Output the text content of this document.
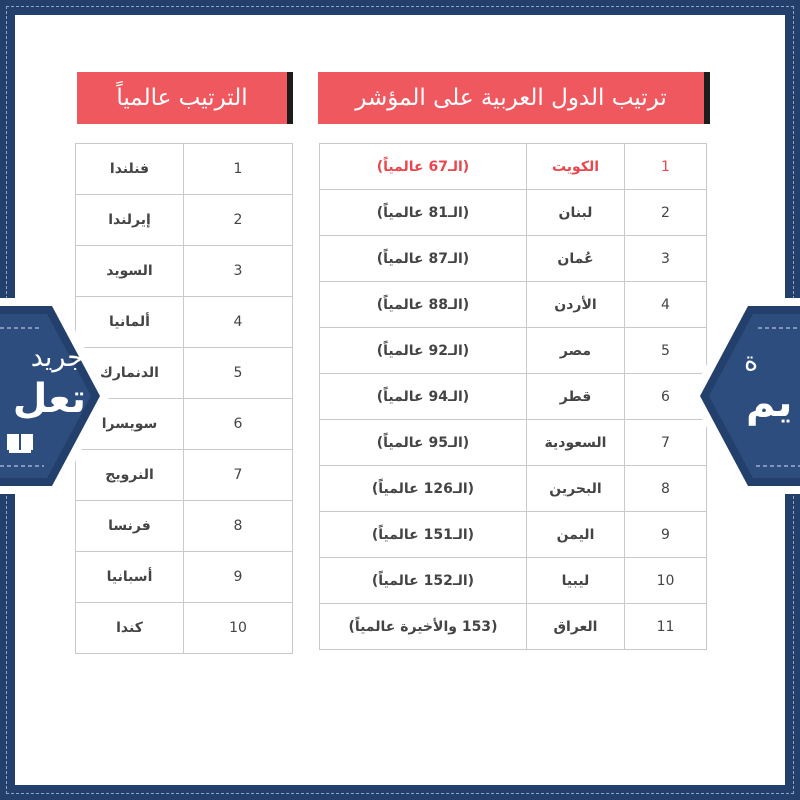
الترتيب عالمياً	ترتيب الدول العربية على المؤشر
فنلندا	1
إيرلندا	2
السويد	3
ألمانيا	4
الدنمارك	5
سويسرا	6
النرويج	7
فرنسا	8
أسبانيا	9
كندا	10
(الـ67 عالمياً)	الكويت	1
(الـ81 عالمياً)	لبنان	2
(الـ87 عالمياً)	عُمان	3
(الـ88 عالمياً)	الأردن	4
(الـ92 عالمياً)	مصر	5
(الـ94 عالمياً)	قطر	6
(الـ95 عالمياً)	السعودية	7
(الـ126 عالمياً)	البحرين	8
(الـ151 عالمياً)	اليمن	9
(الـ152 عالمياً)	ليبيا	10
(153 والأخيرة عالمياً)	العراق	11
جريد
تعل
ة
يم
